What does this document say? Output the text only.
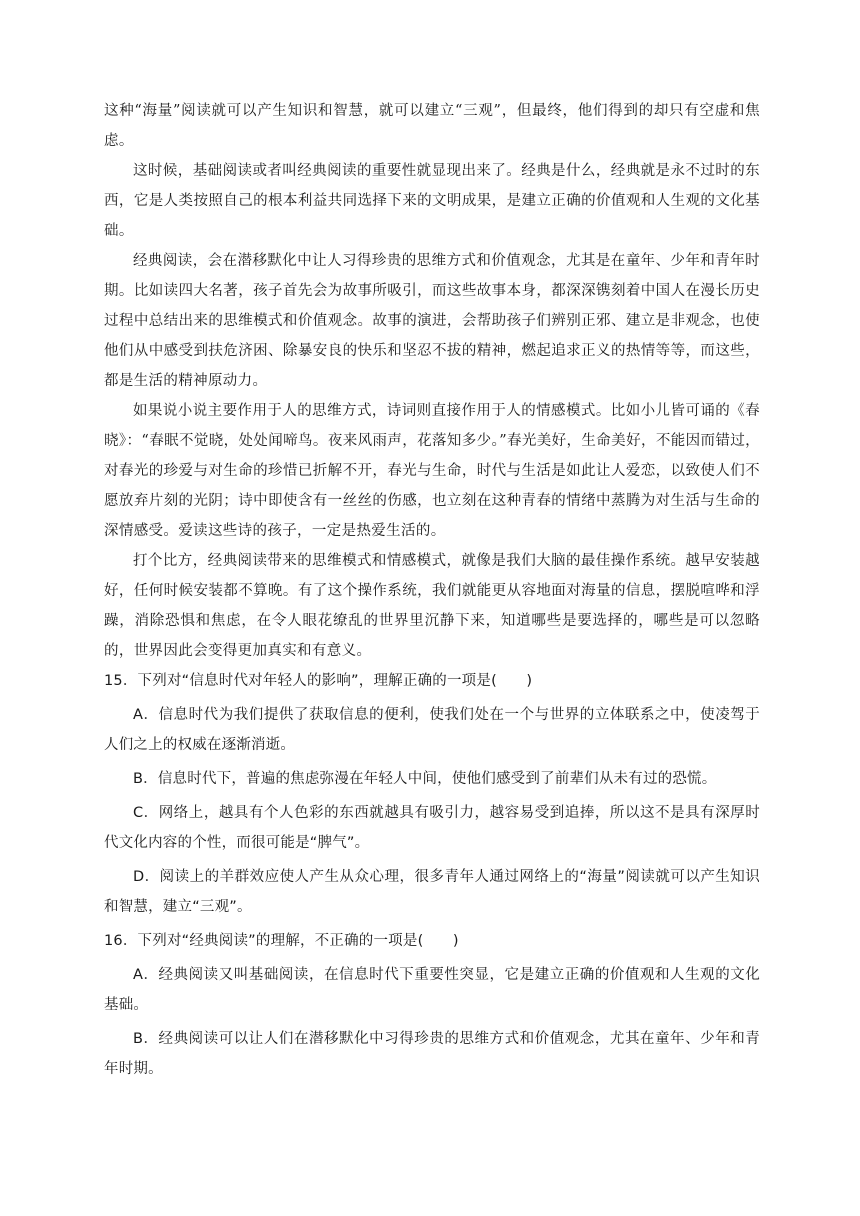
这种“海量”阅读就可以产生知识和智慧，就可以建立“三观”，但最终，他们得到的却只有空虚和焦虑。

这时候，基础阅读或者叫经典阅读的重要性就显现出来了。经典是什么，经典就是永不过时的东西，它是人类按照自己的根本利益共同选择下来的文明成果，是建立正确的价值观和人生观的文化基础。

经典阅读，会在潜移默化中让人习得珍贵的思维方式和价值观念，尤其是在童年、少年和青年时期。比如读四大名著，孩子首先会为故事所吸引，而这些故事本身，都深深镌刻着中国人在漫长历史过程中总结出来的思维模式和价值观念。故事的演进，会帮助孩子们辨别正邪、建立是非观念，也使他们从中感受到扶危济困、除暴安良的快乐和坚忍不拔的精神，燃起追求正义的热情等等，而这些，都是生活的精神原动力。

如果说小说主要作用于人的思维方式，诗词则直接作用于人的情感模式。比如小儿皆可诵的《春晓》：“春眠不觉晓，处处闻啼鸟。夜来风雨声，花落知多少。”春光美好，生命美好，不能因而错过，对春光的珍爱与对生命的珍惜已折解不开，春光与生命，时代与生活是如此让人爱恋，以致使人们不愿放弃片刻的光阴；诗中即使含有一丝丝的伤感，也立刻在这种青春的情绪中蒸腾为对生活与生命的深情感受。爱读这些诗的孩子，一定是热爱生活的。

打个比方，经典阅读带来的思维模式和情感模式，就像是我们大脑的最佳操作系统。越早安装越好，任何时候安装都不算晚。有了这个操作系统，我们就能更从容地面对海量的信息，摆脱喧哗和浮躁，消除恐惧和焦虑，在令人眼花缭乱的世界里沉静下来，知道哪些是要选择的，哪些是可以忽略的，世界因此会变得更加真实和有意义。

15．下列对“信息时代对年轻人的影响”，理解正确的一项是(　　)

A．信息时代为我们提供了获取信息的便利，使我们处在一个与世界的立体联系之中，使凌驾于人们之上的权威在逐渐消逝。

B．信息时代下，普遍的焦虑弥漫在年轻人中间，使他们感受到了前辈们从未有过的恐慌。

C．网络上，越具有个人色彩的东西就越具有吸引力，越容易受到追捧，所以这不是具有深厚时代文化内容的个性，而很可能是“脾气”。

D．阅读上的羊群效应使人产生从众心理，很多青年人通过网络上的“海量”阅读就可以产生知识和智慧，建立“三观”。

16．下列对“经典阅读”的理解，不正确的一项是(　　)

A．经典阅读又叫基础阅读，在信息时代下重要性突显，它是建立正确的价值观和人生观的文化基础。

B．经典阅读可以让人们在潜移默化中习得珍贵的思维方式和价值观念，尤其在童年、少年和青年时期。
